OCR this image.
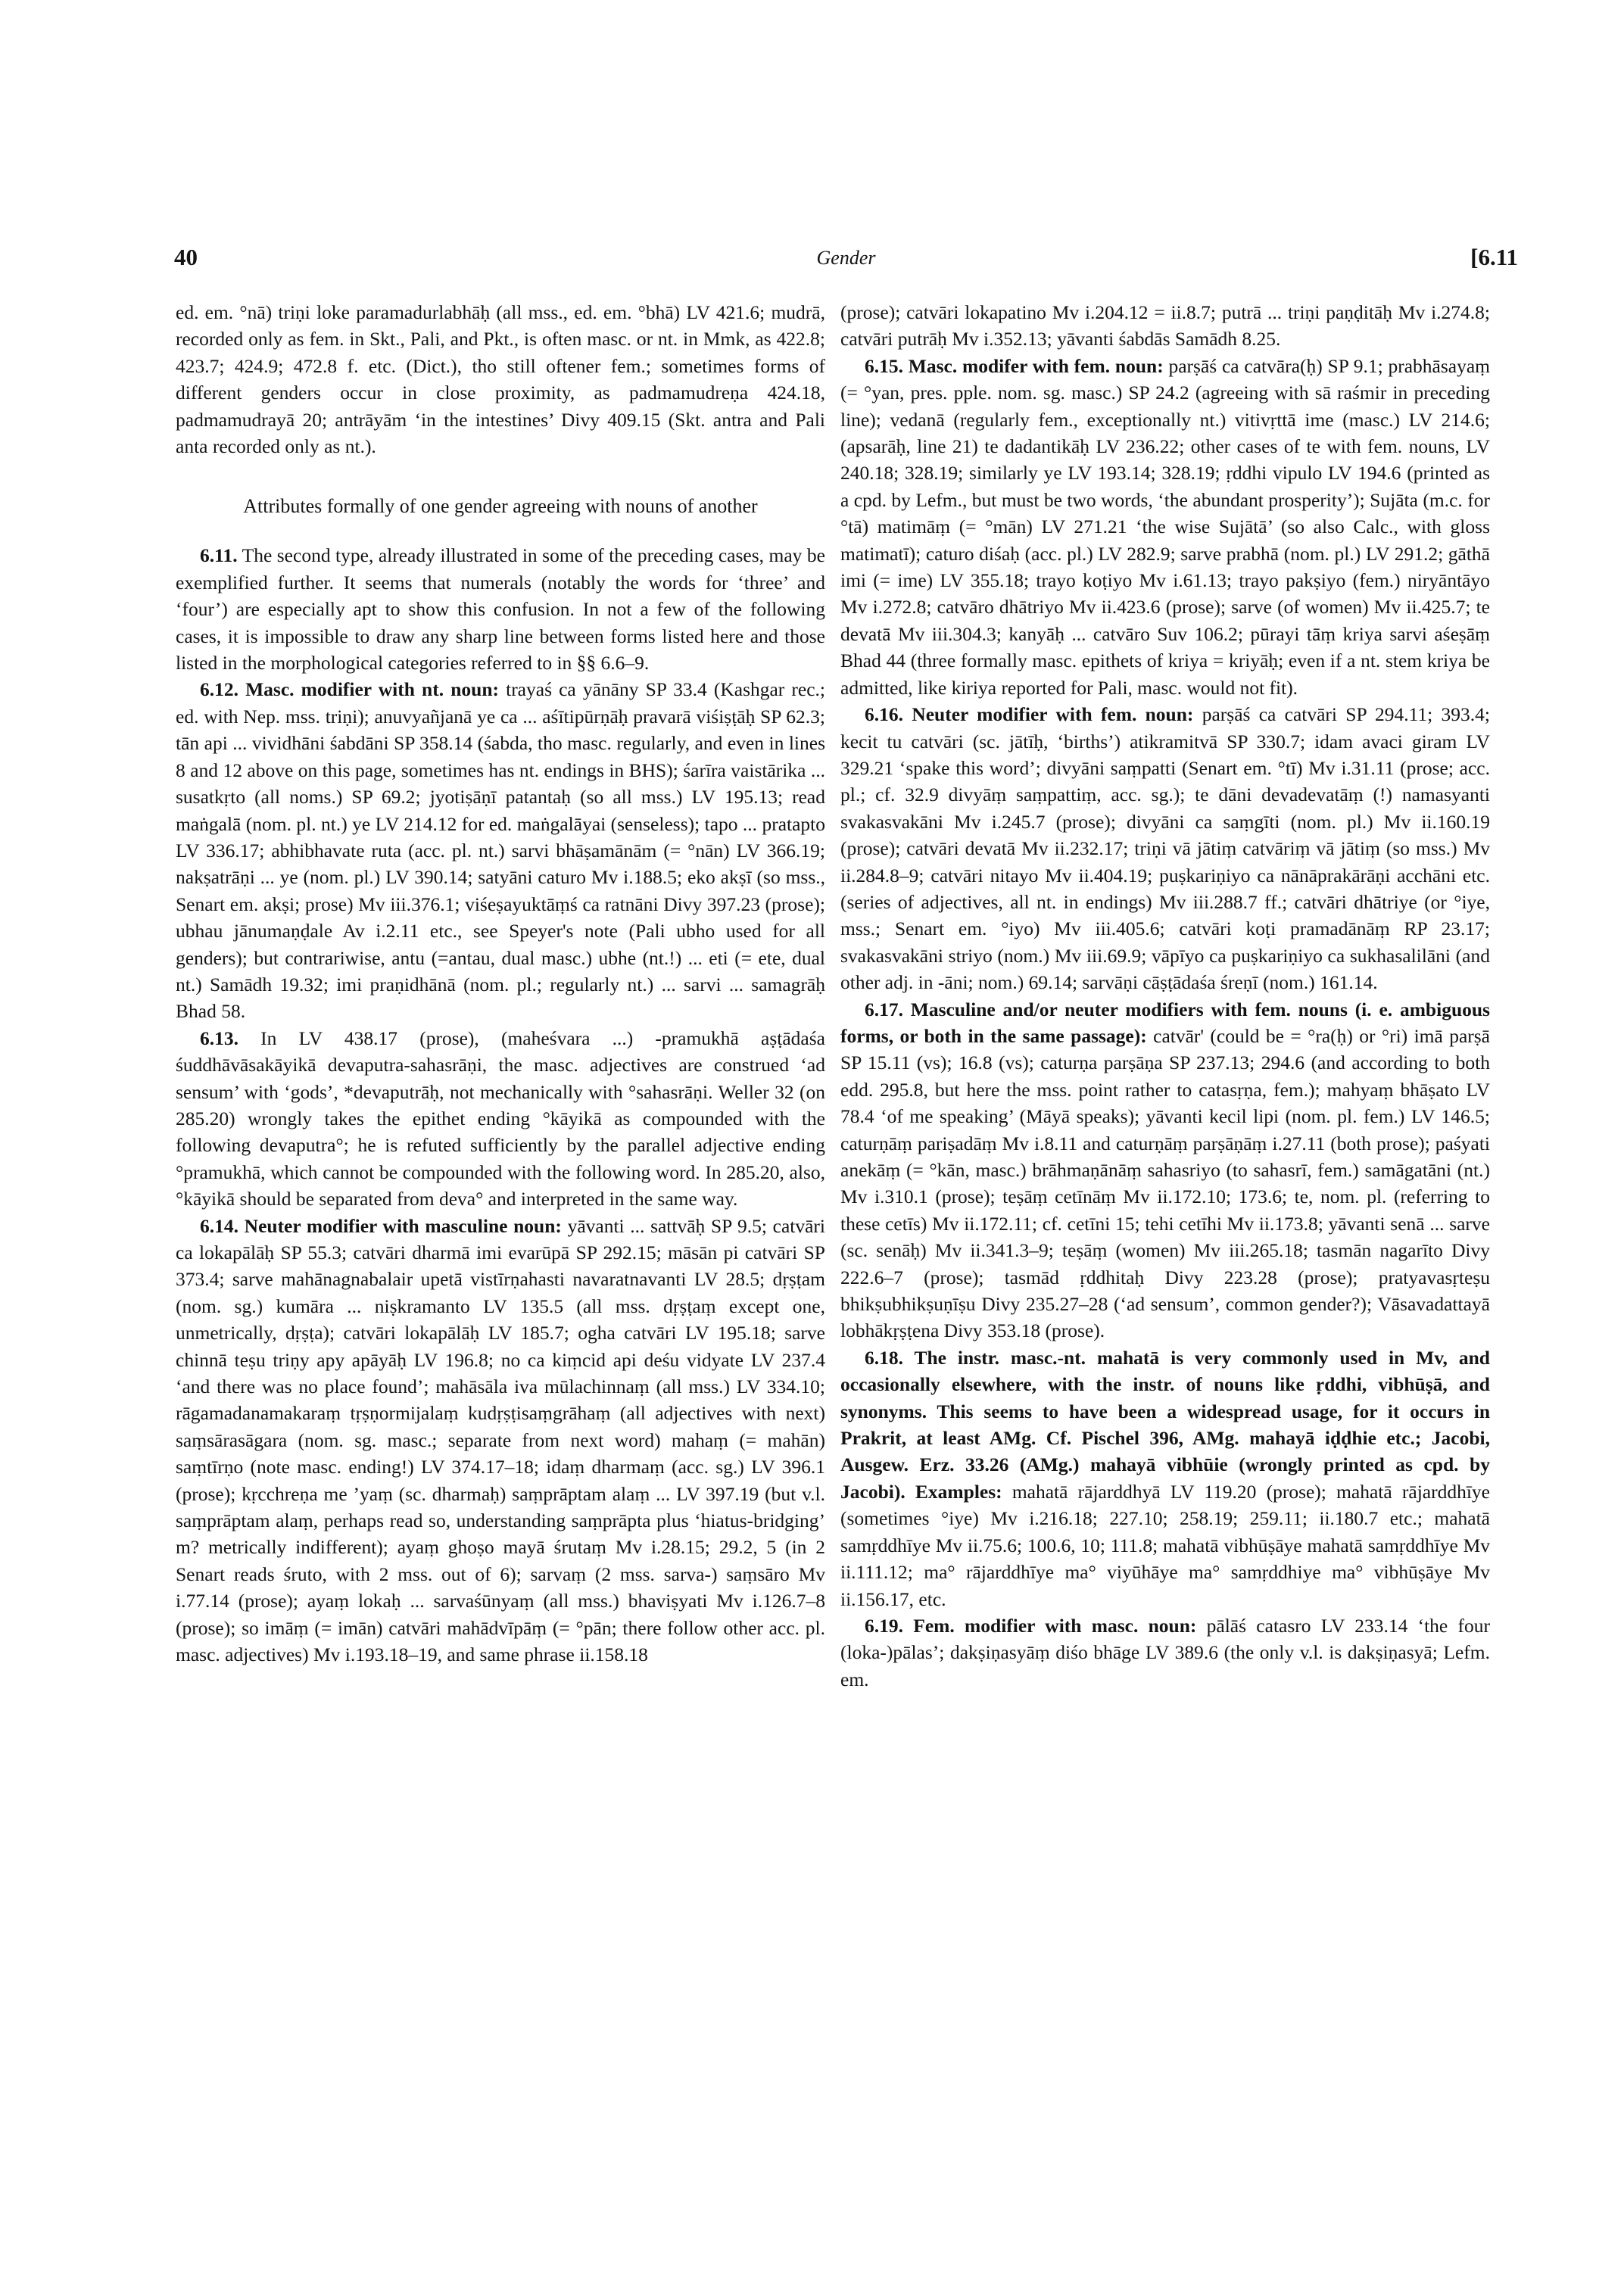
40	Gender	[6.11

ed. em. °nā) triṇi loke paramadurlabhāḥ (all mss., ed. em. °bhā) LV 421.6; mudrā, recorded only as fem. in Skt., Pali, and Pkt., is often masc. or nt. in Mmk, as 422.8; 423.7; 424.9; 472.8 f. etc. (Dict.), tho still oftener fem.; sometimes forms of different genders occur in close proximity, as padmamudreṇa 424.18, padmamudrayā 20; antrāyām ‘in the intestines’ Divy 409.15 (Skt. antra and Pali anta recorded only as nt.).

Attributes formally of one gender agreeing with nouns of another

6.11. The second type, already illustrated in some of the preceding cases, may be exemplified further. It seems that numerals (notably the words for ‘three’ and ‘four’) are especially apt to show this confusion. In not a few of the following cases, it is impossible to draw any sharp line between forms listed here and those listed in the morphological categories referred to in §§ 6.6–9.

6.12. Masc. modifier with nt. noun: trayaś ca yānāny SP 33.4 (Kashgar rec.; ed. with Nep. mss. triṇi); anuvyañjanā ye ca ... aśītipūrṇāḥ pravarā viśiṣṭāḥ SP 62.3; tān api ... vividhāni śabdāni SP 358.14 (śabda, tho masc. regularly, and even in lines 8 and 12 above on this page, sometimes has nt. endings in BHS); śarīra vaistārika ... susatkṛto (all noms.) SP 69.2; jyotiṣāṇī patantaḥ (so all mss.) LV 195.13; read maṅgalā (nom. pl. nt.) ye LV 214.12 for ed. maṅgalāyai (senseless); tapo ... pratapto LV 336.17; abhibhavate ruta (acc. pl. nt.) sarvi bhāṣamānām (= °nān) LV 366.19; nakṣatrāṇi ... ye (nom. pl.) LV 390.14; satyāni caturo Mv i.188.5; eko akṣī (so mss., Senart em. akṣi; prose) Mv iii.376.1; viśeṣayuktāṃś ca ratnāni Divy 397.23 (prose); ubhau jānumaṇḍale Av i.2.11 etc., see Speyer's note (Pali ubho used for all genders); but contrariwise, antu (=antau, dual masc.) ubhe (nt.!) ... eti (= ete, dual nt.) Samādh 19.32; imi praṇidhānā (nom. pl.; regularly nt.) ... sarvi ... samagrāḥ Bhad 58.

6.13. In LV 438.17 (prose), (maheśvara ...) -pramukhā aṣṭādaśa śuddhāvāsakāyikā devaputra-sahasrāṇi, the masc. adjectives are construed ‘ad sensum’ with ‘gods’, *devaputrāḥ, not mechanically with °sahasrāṇi. Weller 32 (on 285.20) wrongly takes the epithet ending °kāyikā as compounded with the following devaputra°; he is refuted sufficiently by the parallel adjective ending °pramukhā, which cannot be compounded with the following word. In 285.20, also, °kāyikā should be separated from deva° and interpreted in the same way.

6.14. Neuter modifier with masculine noun: yāvanti ... sattvāḥ SP 9.5; catvāri ca lokapālāḥ SP 55.3; catvāri dharmā imi evarūpā SP 292.15; māsān pi catvāri SP 373.4; sarve mahānagnabalair upetā vistīrṇahasti navaratnavanti LV 28.5; dṛṣṭam (nom. sg.) kumāra ... niṣkramanto LV 135.5 (all mss. dṛṣṭaṃ except one, unmetrically, dṛṣṭa); catvāri lokapālāḥ LV 185.7; ogha catvāri LV 195.18; sarve chinnā teṣu triṇy apy apāyāḥ LV 196.8; no ca kiṃcid api deśu vidyate LV 237.4 ‘and there was no place found’; mahāsāla iva mūlachinnaṃ (all mss.) LV 334.10; rāgamadanamakaraṃ tṛṣṇormijalaṃ kudṛṣṭisaṃgrāhaṃ (all adjectives with next) saṃsārasāgara (nom. sg. masc.; separate from next word) mahaṃ (= mahān) saṃtīrṇo (note masc. ending!) LV 374.17–18; idaṃ dharmaṃ (acc. sg.) LV 396.1 (prose); kṛcchreṇa me ’yaṃ (sc. dharmaḥ) saṃprāptam alaṃ ... LV 397.19 (but v.l. saṃprāptam alaṃ, perhaps read so, understanding saṃprāpta plus ‘hiatus-bridging’ m? metrically indifferent); ayaṃ ghoṣo mayā śrutaṃ Mv i.28.15; 29.2, 5 (in 2 Senart reads śruto, with 2 mss. out of 6); sarvaṃ (2 mss. sarva-) saṃsāro Mv i.77.14 (prose); ayaṃ lokaḥ ... sarvaśūnyaṃ (all mss.) bhaviṣyati Mv i.126.7–8 (prose); so imāṃ (= imān) catvāri mahādvīpāṃ (= °pān; there follow other acc. pl. masc. adjectives) Mv i.193.18–19, and same phrase ii.158.18

(prose); catvāri lokapatino Mv i.204.12 = ii.8.7; putrā ... triṇi paṇḍitāḥ Mv i.274.8; catvāri putrāḥ Mv i.352.13; yāvanti śabdās Samādh 8.25.

6.15. Masc. modifer with fem. noun: parṣāś ca catvāra(ḥ) SP 9.1; prabhāsayaṃ (= °yan, pres. pple. nom. sg. masc.) SP 24.2 (agreeing with sā raśmir in preceding line); vedanā (regularly fem., exceptionally nt.) vitivṛttā ime (masc.) LV 214.6; (apsarāḥ, line 21) te dadantikāḥ LV 236.22; other cases of te with fem. nouns, LV 240.18; 328.19; similarly ye LV 193.14; 328.19; ṛddhi vipulo LV 194.6 (printed as a cpd. by Lefm., but must be two words, ‘the abundant prosperity’); Sujāta (m.c. for °tā) matimāṃ (= °mān) LV 271.21 ‘the wise Sujātā’ (so also Calc., with gloss matimatī); caturo diśaḥ (acc. pl.) LV 282.9; sarve prabhā (nom. pl.) LV 291.2; gāthā imi (= ime) LV 355.18; trayo koṭiyo Mv i.61.13; trayo pakṣiyo (fem.) niryāntāyo Mv i.272.8; catvāro dhātriyo Mv ii.423.6 (prose); sarve (of women) Mv ii.425.7; te devatā Mv iii.304.3; kanyāḥ ... catvāro Suv 106.2; pūrayi tāṃ kriya sarvi aśeṣāṃ Bhad 44 (three formally masc. epithets of kriya = kriyāḥ; even if a nt. stem kriya be admitted, like kiriya reported for Pali, masc. would not fit).

6.16. Neuter modifier with fem. noun: parṣāś ca catvāri SP 294.11; 393.4; kecit tu catvāri (sc. jātīḥ, ‘births’) atikramitvā SP 330.7; idam avaci giram LV 329.21 ‘spake this word’; divyāni saṃpatti (Senart em. °tī) Mv i.31.11 (prose; acc. pl.; cf. 32.9 divyāṃ saṃpattiṃ, acc. sg.); te dāni devadevatāṃ (!) namasyanti svakasvakāni Mv i.245.7 (prose); divyāni ca saṃgīti (nom. pl.) Mv ii.160.19 (prose); catvāri devatā Mv ii.232.17; triṇi vā jātiṃ catvāriṃ vā jātiṃ (so mss.) Mv ii.284.8–9; catvāri nitayo Mv ii.404.19; puṣkariṇiyo ca nānāprakārāṇi acchāni etc. (series of adjectives, all nt. in endings) Mv iii.288.7 ff.; catvāri dhātriye (or °iye, mss.; Senart em. °iyo) Mv iii.405.6; catvāri koṭi pramadānāṃ RP 23.17; svakasvakāni striyo (nom.) Mv iii.69.9; vāpīyo ca puṣkariṇiyo ca sukhasalilāni (and other adj. in -āni; nom.) 69.14; sarvāṇi cāṣṭādaśa śreṇī (nom.) 161.14.

6.17. Masculine and/or neuter modifiers with fem. nouns (i. e. ambiguous forms, or both in the same passage): catvār' (could be = °ra(ḥ) or °ri) imā parṣā SP 15.11 (vs); 16.8 (vs); caturṇa parṣāṇa SP 237.13; 294.6 (and according to both edd. 295.8, but here the mss. point rather to catasṛṇa, fem.); mahyaṃ bhāṣato LV 78.4 ‘of me speaking’ (Māyā speaks); yāvanti kecil lipi (nom. pl. fem.) LV 146.5; caturṇāṃ pariṣadāṃ Mv i.8.11 and caturṇāṃ parṣāṇāṃ i.27.11 (both prose); paśyati anekāṃ (= °kān, masc.) brāhmaṇānāṃ sahasriyo (to sahasrī, fem.) samāgatāni (nt.) Mv i.310.1 (prose); teṣāṃ cetīnāṃ Mv ii.172.10; 173.6; te, nom. pl. (referring to these cetīs) Mv ii.172.11; cf. cetīni 15; tehi cetīhi Mv ii.173.8; yāvanti senā ... sarve (sc. senāḥ) Mv ii.341.3–9; teṣāṃ (women) Mv iii.265.18; tasmān nagarīto Divy 222.6–7 (prose); tasmād ṛddhitaḥ Divy 223.28 (prose); pratyavasṛteṣu bhikṣubhikṣuṇīṣu Divy 235.27–28 (‘ad sensum’, common gender?); Vāsavadattayā lobhākṛṣṭena Divy 353.18 (prose).

6.18. The instr. masc.-nt. mahatā is very commonly used in Mv, and occasionally elsewhere, with the instr. of nouns like ṛddhi, vibhūṣā, and synonyms. This seems to have been a widespread usage, for it occurs in Prakrit, at least AMg. Cf. Pischel 396, AMg. mahayā iḍḍhie etc.; Jacobi, Ausgew. Erz. 33.26 (AMg.) mahayā vibhūie (wrongly printed as cpd. by Jacobi). Examples: mahatā rājarddhyā LV 119.20 (prose); mahatā rājarddhīye (sometimes °iye) Mv i.216.18; 227.10; 258.19; 259.11; ii.180.7 etc.; mahatā samṛddhīye Mv ii.75.6; 100.6, 10; 111.8; mahatā vibhūṣāye mahatā samṛddhīye Mv ii.111.12; ma° rājarddhīye ma° viyūhāye ma° samṛddhiye ma° vibhūṣāye Mv ii.156.17, etc.

6.19. Fem. modifier with masc. noun: pālāś catasro LV 233.14 ‘the four (loka-)pālas’; dakṣiṇasyāṃ diśo bhāge LV 389.6 (the only v.l. is dakṣiṇasyā; Lefm. em.
